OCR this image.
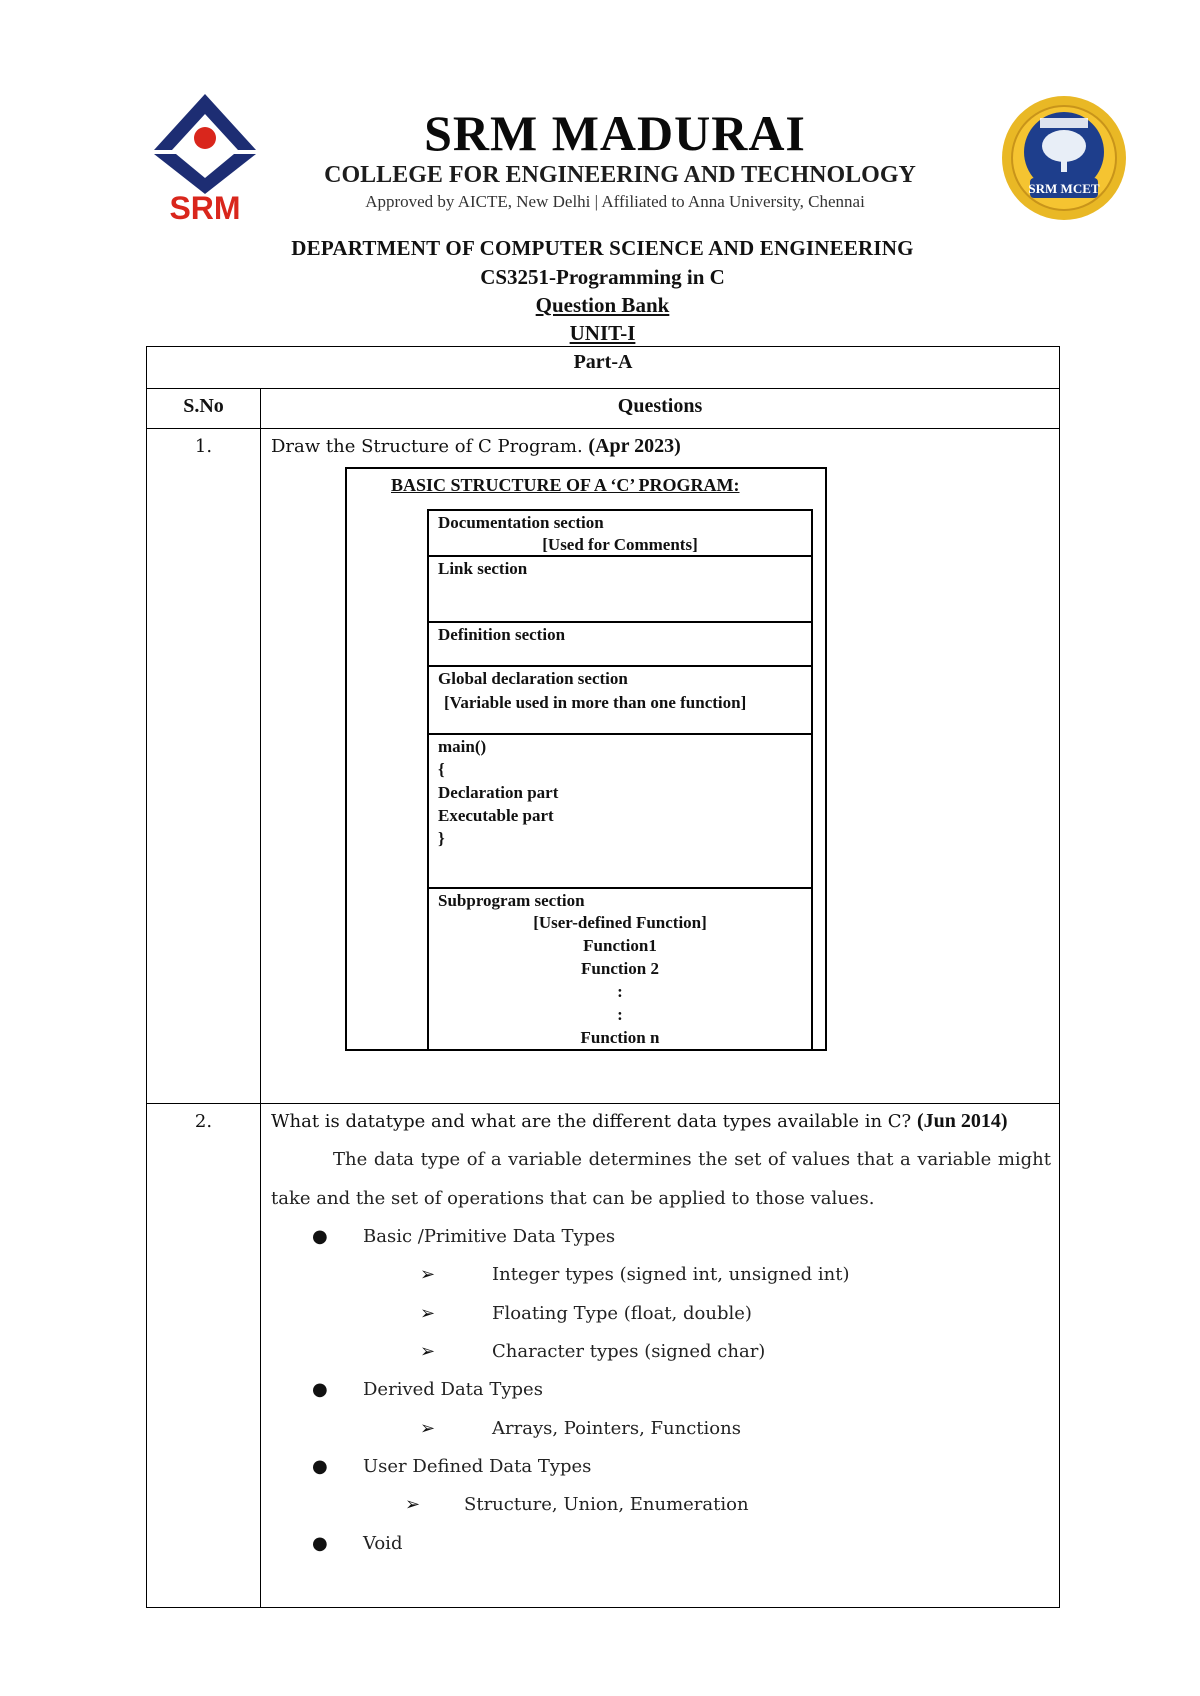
SRM
SRM MADURAI
COLLEGE FOR ENGINEERING AND TECHNOLOGY
Approved by AICTE, New Delhi | Affiliated to Anna University, Chennai
SRM MCET
DEPARTMENT OF COMPUTER SCIENCE AND ENGINEERING
CS3251-Programming in C
Question Bank
UNIT-I
Part-A
S.No	Questions
1.	Draw the Structure of C Program. (Apr 2023)
BASIC STRUCTURE OF A ‘C’ PROGRAM:
Documentation section
[Used for Comments]
Link section
Definition section
Global declaration section
[Variable used in more than one function]
main()
{
Declaration part
Executable part
}
Subprogram section
[User-defined Function]
Function1
Function 2
:
:
Function n
2.	What is datatype and what are the different data types available in C? (Jun 2014)
The data type of a variable determines the set of values that a variable might
take and the set of operations that can be applied to those values.
● Basic /Primitive Data Types
➢	Integer types (signed int, unsigned int)
➢	Floating Type (float, double)
➢	Character types (signed char)
● Derived Data Types
➢	Arrays, Pointers, Functions
● User Defined Data Types
➢ Structure, Union, Enumeration
● Void
